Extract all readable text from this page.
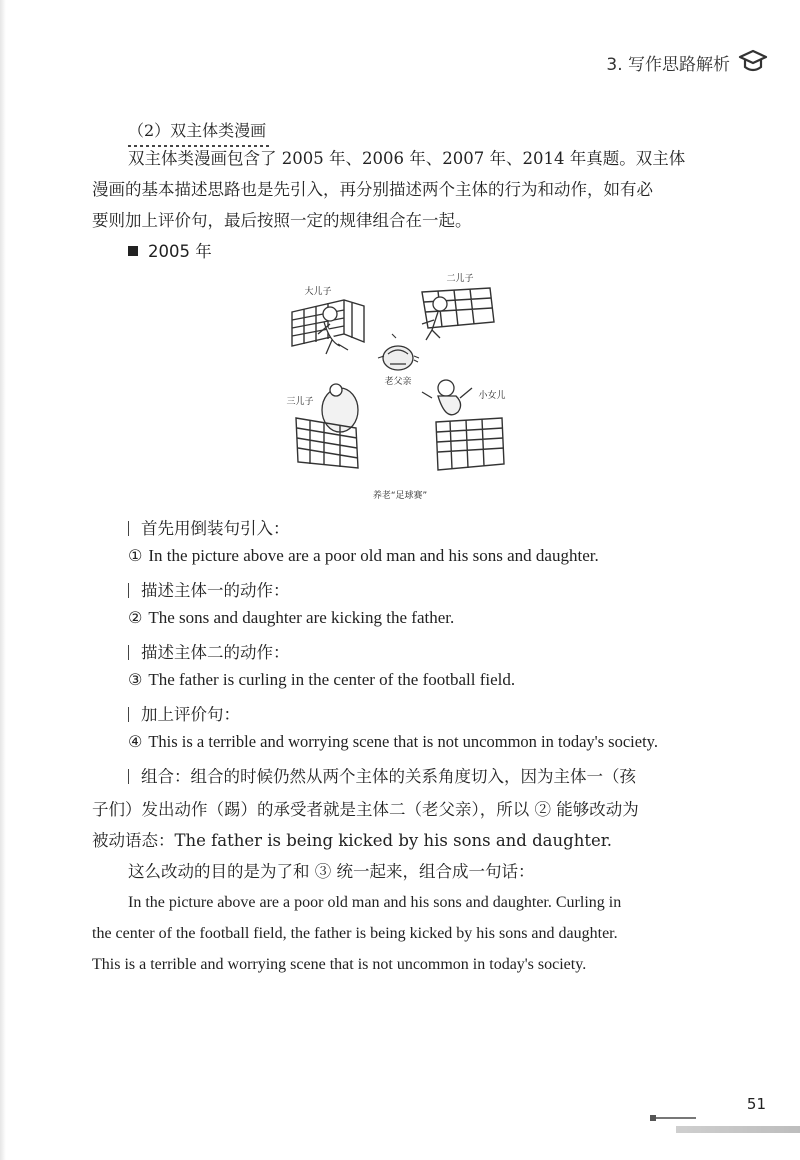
3. 写作思路解析
（2）双主体类漫画
双主体类漫画包含了 2005 年、2006 年、2007 年、2014 年真题。双主体
漫画的基本描述思路也是先引入，再分别描述两个主体的行为和动作，如有必
要则加上评价句，最后按照一定的规律组合在一起。
2005 年
老父亲
大儿子
二儿子
三儿子
小女儿
养老“足球赛”
首先用倒装句引入：
① In the picture above are a poor old man and his sons and daughter.
描述主体一的动作：
② The sons and daughter are kicking the father.
描述主体二的动作：
③ The father is curling in the center of the football field.
加上评价句：
④ This is a terrible and worrying scene that is not uncommon in today's society.
组合：组合的时候仍然从两个主体的关系角度切入，因为主体一（孩
子们）发出动作（踢）的承受者就是主体二（老父亲），所以 ② 能够改动为
被动语态：The father is being kicked by his sons and daughter.
这么改动的目的是为了和 ③ 统一起来，组合成一句话：
In the picture above are a poor old man and his sons and daughter. Curling in
the center of the football field, the father is being kicked by his sons and daughter.
This is a terrible and worrying scene that is not uncommon in today's society.
51
